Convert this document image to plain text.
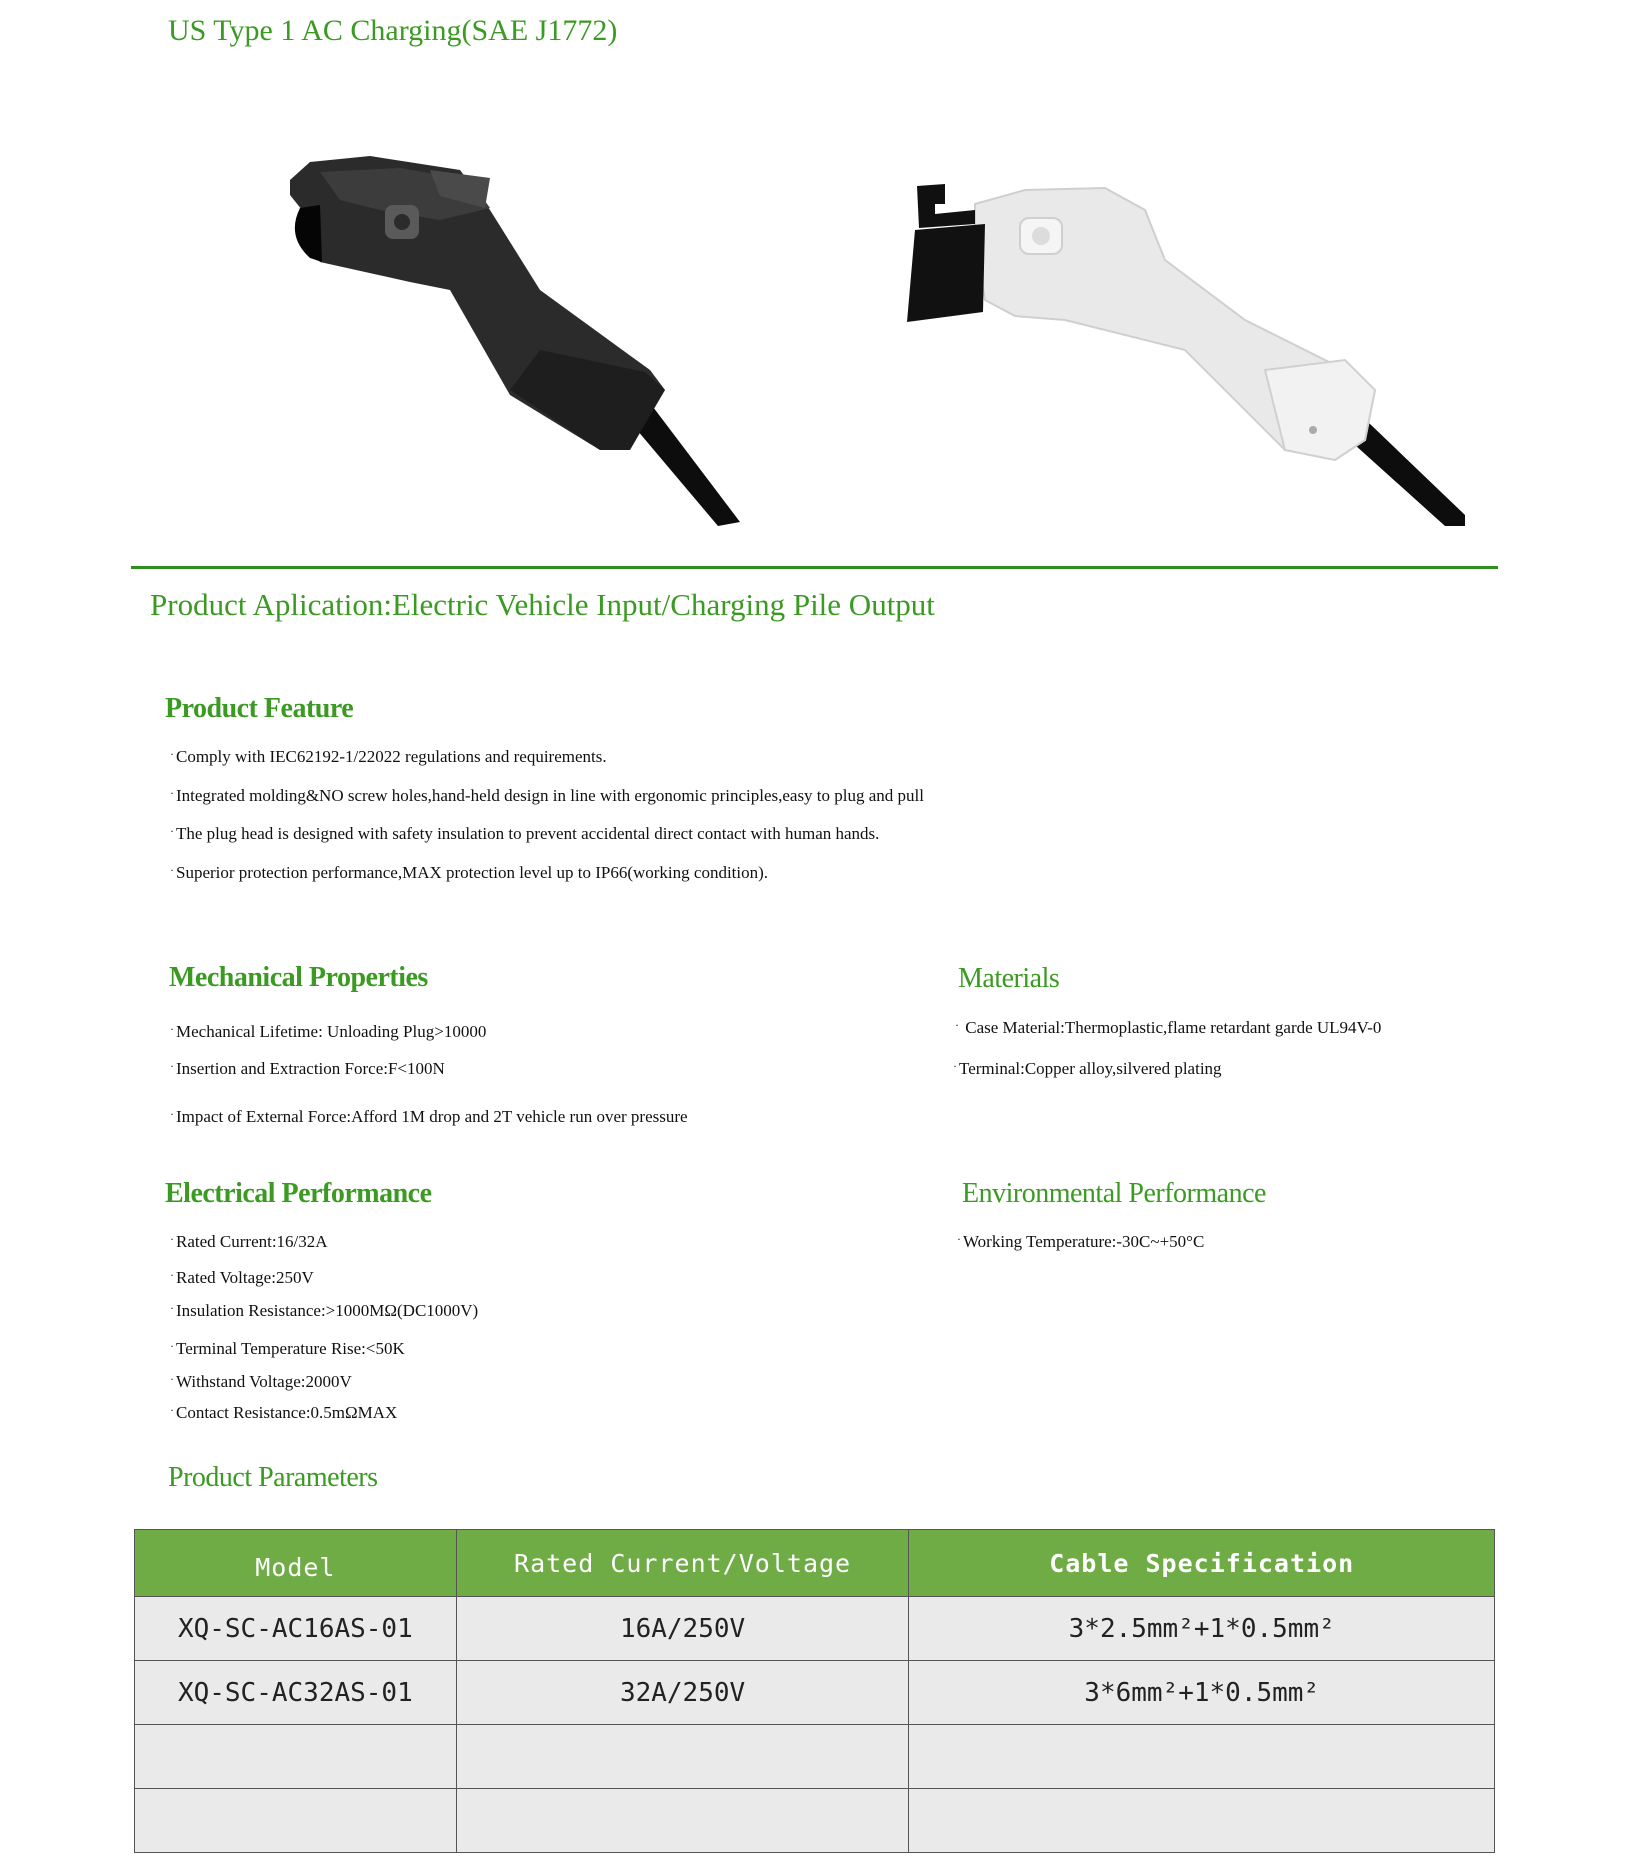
US Type 1 AC Charging(SAE J1772)
Product Aplication:Electric Vehicle Input/Charging Pile Output
Product Feature
· Comply with IEC62192-1/22022 regulations and requirements.
· Integrated molding&NO screw holes,hand-held design in line with ergonomic principles,easy to plug and pull
· The plug head is designed with safety insulation to prevent accidental direct contact with human hands.
· Superior protection performance,MAX protection level up to IP66(working condition).
Mechanical Properties
· Mechanical Lifetime: Unloading Plug>10000
· Insertion and Extraction Force:F<100N
· Impact of External Force:Afford 1M drop and 2T vehicle run over pressure
Materials
· Case Material:Thermoplastic,flame retardant garde UL94V-0
· Terminal:Copper alloy,silvered plating
Electrical Performance
· Rated Current:16/32A
· Rated Voltage:250V
· Insulation Resistance:>1000MΩ(DC1000V)
· Terminal Temperature Rise:<50K
· Withstand Voltage:2000V
· Contact Resistance:0.5mΩMAX
Environmental Performance
· Working Temperature:-30C~+50°C
Product Parameters
Model	Rated Current/Voltage	Cable Specification
XQ-SC-AC16AS-01	16A/250V	3*2.5mm²+1*0.5mm²
XQ-SC-AC32AS-01	32A/250V	3*6mm²+1*0.5mm²
